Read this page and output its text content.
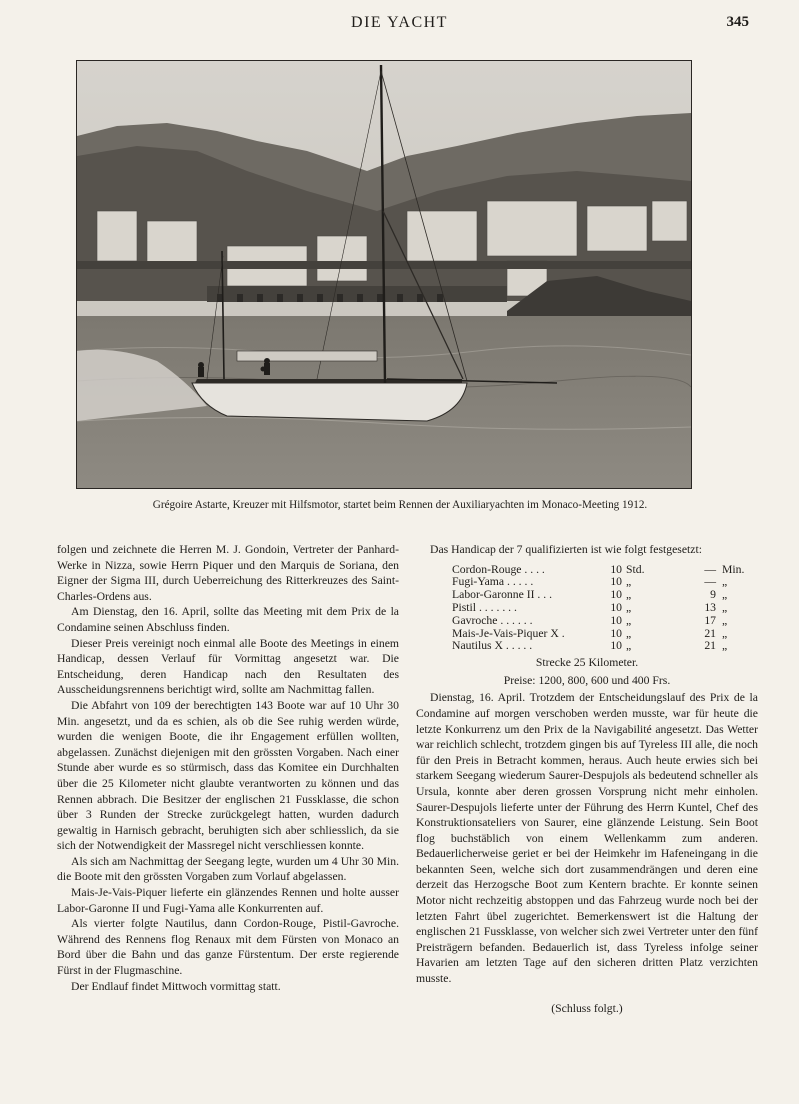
DIE YACHT	345
Grégoire Astarte, Kreuzer mit Hilfsmotor, startet beim Rennen der Auxiliaryachten im Monaco-Meeting 1912.

folgen und zeichnete die Herren M. J. Gondoin, Vertreter der Panhard-Werke in Nizza, sowie Herrn Piquer und den Marquis de Soriana, den Eigner der Sigma III, durch Ueberreichung des Ritterkreuzes des Saint-Charles-Ordens aus.

Am Dienstag, den 16. April, sollte das Meeting mit dem Prix de la Condamine seinen Abschluss finden.

Dieser Preis vereinigt noch einmal alle Boote des Meetings in einem Handicap, dessen Verlauf für Vormittag angesetzt war. Die Entscheidung, deren Handicap nach den Resultaten des Ausscheidungsrennens berichtigt wird, sollte am Nachmittag fallen.

Die Abfahrt von 109 der berechtigten 143 Boote war auf 10 Uhr 30 Min. angesetzt, und da es schien, als ob die See ruhig werden würde, wurden die wenigen Boote, die ihr Engagement erfüllen wollten, abgelassen. Zunächst diejenigen mit den grössten Vorgaben. Nach einer Stunde aber wurde es so stürmisch, dass das Komitee ein Durchhalten über die 25 Kilometer nicht glaubte verantworten zu können und das Rennen abbrach. Die Besitzer der englischen 21 Fussklasse, die schon über 3 Runden der Strecke zurückgelegt hatten, wurden dadurch gewaltig in Harnisch gebracht, beruhigten sich aber schliesslich, da sie sich der Notwendigkeit der Massregel nicht verschliessen konnte.

Als sich am Nachmittag der Seegang legte, wurden um 4 Uhr 30 Min. die Boote mit den grössten Vorgaben zum Vorlauf abgelassen.

Mais-Je-Vais-Piquer lieferte ein glänzendes Rennen und holte ausser Labor-Garonne II und Fugi-Yama alle Konkurrenten auf.

Als vierter folgte Nautilus, dann Cordon-Rouge, Pistil-Gavroche. Während des Rennens flog Renaux mit dem Fürsten von Monaco an Bord über die Bahn und das ganze Fürstentum. Der erste regierende Fürst in der Flugmaschine.

Der Endlauf findet Mittwoch vormittag statt.

Das Handicap der 7 qualifizierten ist wie folgt festgesetzt:

Cordon-Rouge . . . .	10	Std.	—	Min.
Fugi-Yama . . . . .	10	„	—	„
Labor-Garonne II . . .	10	„	9	„
Pistil . . . . . . .	10	„	13	„
Gavroche . . . . . .	10	„	17	„
Mais-Je-Vais-Piquer X .	10	„	21	„
Nautilus X . . . . .	10	„	21	„

Strecke 25 Kilometer.

Preise: 1200, 800, 600 und 400 Frs.

Dienstag, 16. April. Trotzdem der Entscheidungslauf des Prix de la Condamine auf morgen verschoben werden musste, war für heute die letzte Konkurrenz um den Prix de la Navigabilité angesetzt. Das Wetter war reichlich schlecht, trotzdem gingen bis auf Tyreless III alle, die noch für den Preis in Betracht kommen, heraus. Auch heute erwies sich bei starkem Seegang wiederum Saurer-Despujols als bedeutend schneller als Ursula, konnte aber deren grossen Vorsprung nicht mehr einholen. Saurer-Despujols lieferte unter der Führung des Herrn Kuntel, Chef des Konstruktionsateliers von Saurer, eine glänzende Leistung. Sein Boot flog buchstäblich von einem Wellenkamm zum anderen. Bedauerlicherweise geriet er bei der Heimkehr im Hafeneingang in die bekannten Seen, welche sich dort zusammendrängen und deren eine derzeit das Herzogsche Boot zum Kentern brachte. Er konnte seinen Motor nicht rechzeitig abstoppen und das Fahrzeug wurde noch bei der letzten Fahrt übel zugerichtet. Bemerkenswert ist die Haltung der englischen 21 Fussklasse, von welcher sich zwei Vertreter unter den fünf Preisträgern befanden. Bedauerlich ist, dass Tyreless infolge seiner Havarien am letzten Tage auf den sicheren dritten Platz verzichten musste.

(Schluss folgt.)
